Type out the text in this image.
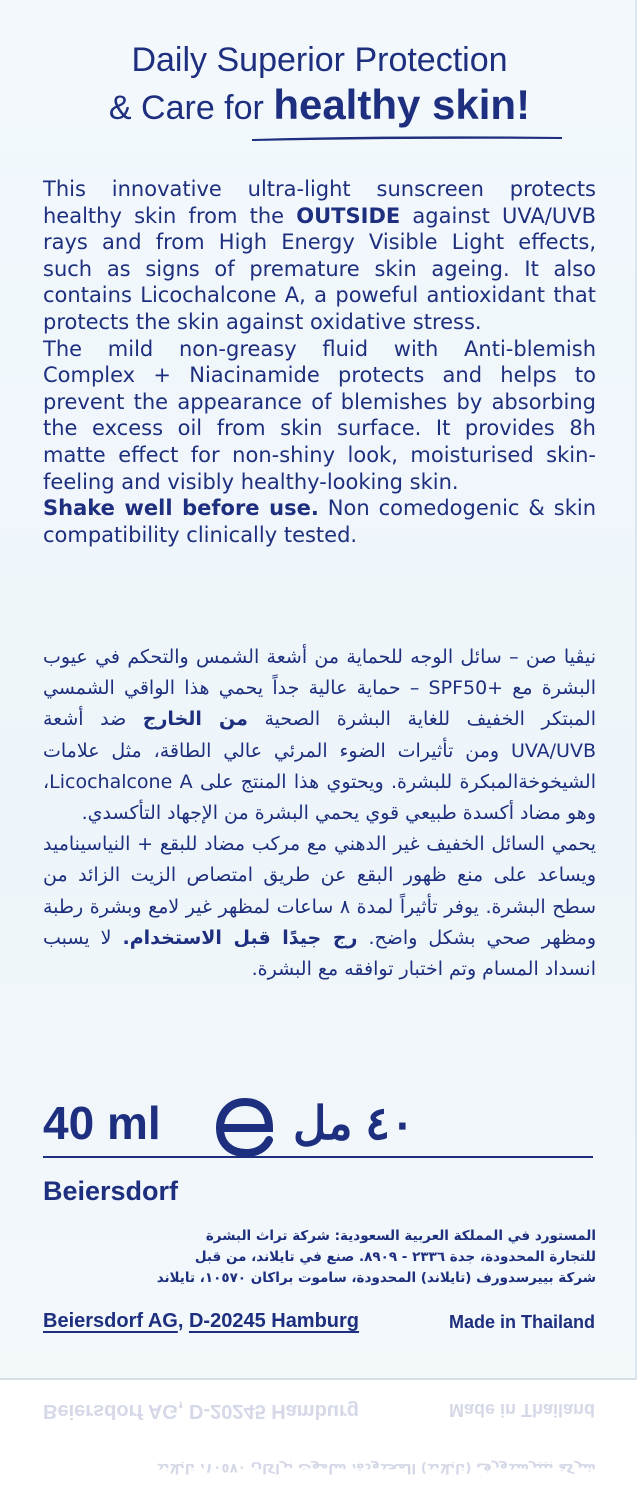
Daily Superior Protection
& Care for healthy skin!

This innovative ultra-light sunscreen protects healthy skin from the OUTSIDE against UVA/UVB rays and from High Energy Visible Light effects, such as signs of premature skin ageing. It also contains Licochalcone A, a poweful antioxidant that protects the skin against oxidative stress.

The mild non-greasy fluid with Anti-blemish Complex + Niacinamide protects and helps to prevent the appearance of blemishes by absorbing the excess oil from skin surface. It provides 8h matte effect for non-shiny look, moisturised skin-feeling and visibly healthy-looking skin.

Shake well before use. Non comedogenic & skin compatibility clinically tested.

نيڤيا صن – سائل الوجه للحماية من أشعة الشمس والتحكم في عيوب البشرة مع +SPF50 – حماية عالية جداً يحمي هذا الواقي الشمسي المبتكر الخفيف للغاية البشرة الصحية من الخارج ضد أشعة UVA/UVB ومن تأثيرات الضوء المرئي عالي الطاقة، مثل علامات الشيخوخةالمبكرة للبشرة. ويحتوي هذا المنتج على Licochalcone A، وهو مضاد أكسدة طبيعي قوي يحمي البشرة من الإجهاد التأكسدي.

يحمي السائل الخفيف غير الدهني مع مركب مضاد للبقع + النياسيناميد ويساعد على منع ظهور البقع عن طريق امتصاص الزيت الزائد من سطح البشرة. يوفر تأثيراً لمدة ٨ ساعات لمظهر غير لامع وبشرة رطبة ومظهر صحي بشكل واضح. رج جيدًا قبل الاستخدام. لا يسبب انسداد المسام وتم اختبار توافقه مع البشرة.

40 ml	٤٠ مل
Beiersdorf

المستورد في المملكة العربية السعودية: شركة تراث البشرة

للتجارة المحدودة، جدة ٢٣٣٦ - ٨٩٠٩. صنع في تايلاند، من قبل

شركة بييرسدورف (تايلاند) المحدودة، ساموت براكان ١٠٥٧٠، تايلاند

Beiersdorf AG, D-20245 Hamburg	Made in Thailand
شركة بييرسدورف (تايلاند) المحدودة، ساموت براكان ١٠٥٧٠، تايلاند
Beiersdorf AG, D-20245 Hamburg	Made in Thailand
